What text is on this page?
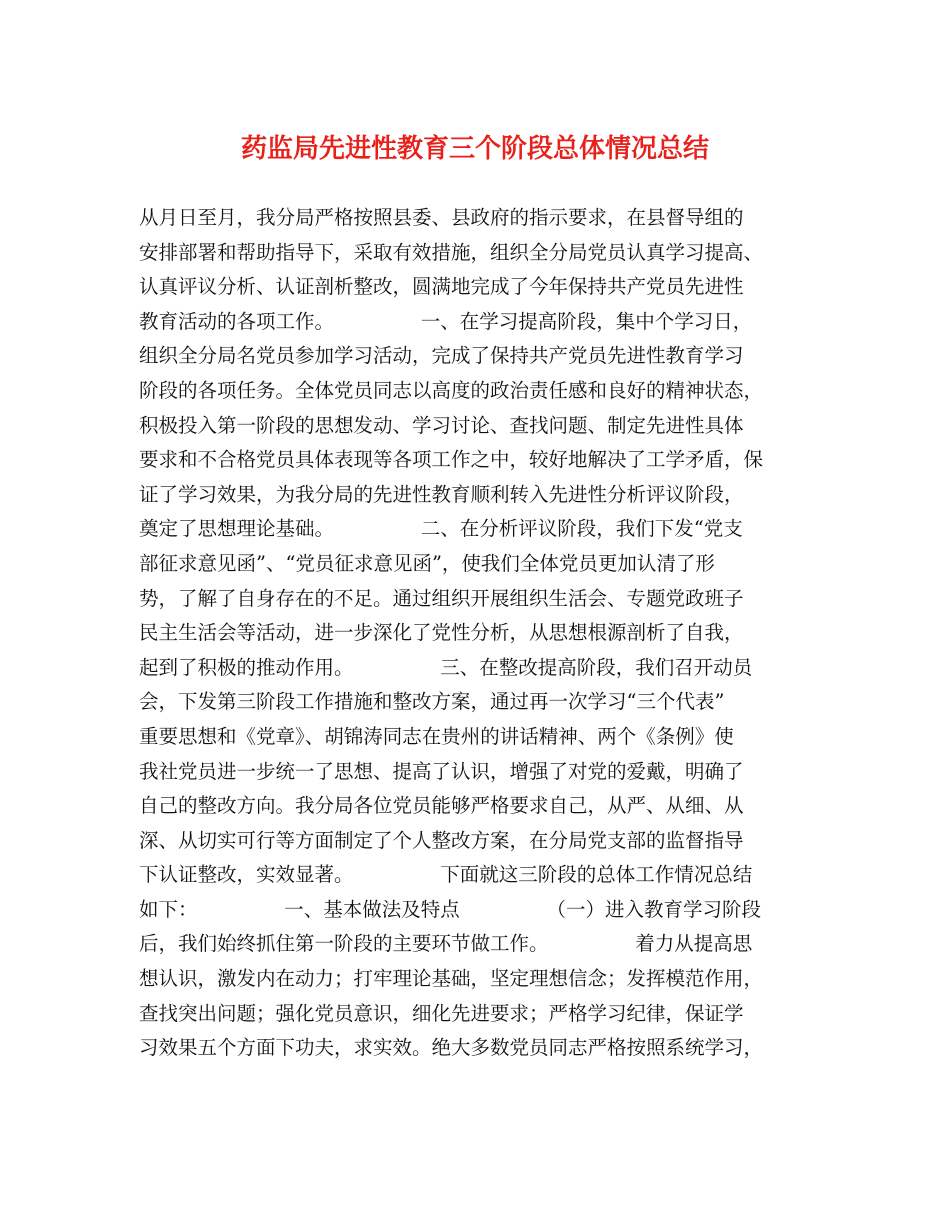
药监局先进性教育三个阶段总体情况总结

从月日至月，我分局严格按照县委、县政府的指示要求，在县督导组的

安排部署和帮助指导下，采取有效措施，组织全分局党员认真学习提高、

认真评议分析、认证剖析整改，圆满地完成了今年保持共产党员先进性

教育活动的各项工作。              一、在学习提高阶段，集中个学习日，

组织全分局名党员参加学习活动，完成了保持共产党员先进性教育学习

阶段的各项任务。全体党员同志以高度的政治责任感和良好的精神状态，

积极投入第一阶段的思想发动、学习讨论、查找问题、制定先进性具体

要求和不合格党员具体表现等各项工作之中，较好地解决了工学矛盾，保

证了学习效果，为我分局的先进性教育顺利转入先进性分析评议阶段，

奠定了思想理论基础。              二、在分析评议阶段，我们下发“党支

部征求意见函”、“党员征求意见函”，使我们全体党员更加认清了形

势，了解了自身存在的不足。通过组织开展组织生活会、专题党政班子

民主生活会等活动，进一步深化了党性分析，从思想根源剖析了自我，

起到了积极的推动作用。              三、在整改提高阶段，我们召开动员

会，下发第三阶段工作措施和整改方案，通过再一次学习“三个代表”

重要思想和《党章》、胡锦涛同志在贵州的讲话精神、两个《条例》使

我社党员进一步统一了思想、提高了认识，增强了对党的爱戴，明确了

自己的整改方向。我分局各位党员能够严格要求自己，从严、从细、从

深、从切实可行等方面制定了个人整改方案，在分局党支部的监督指导

下认证整改，实效显著。              下面就这三阶段的总体工作情况总结

如下：              一、基本做法及特点              （一）进入教育学习阶段

后，我们始终抓住第一阶段的主要环节做工作。              着力从提高思

想认识，激发内在动力；打牢理论基础，坚定理想信念；发挥模范作用，

查找突出问题；强化党员意识，细化先进要求；严格学习纪律，保证学

习效果五个方面下功夫，求实效。绝大多数党员同志严格按照系统学习，
